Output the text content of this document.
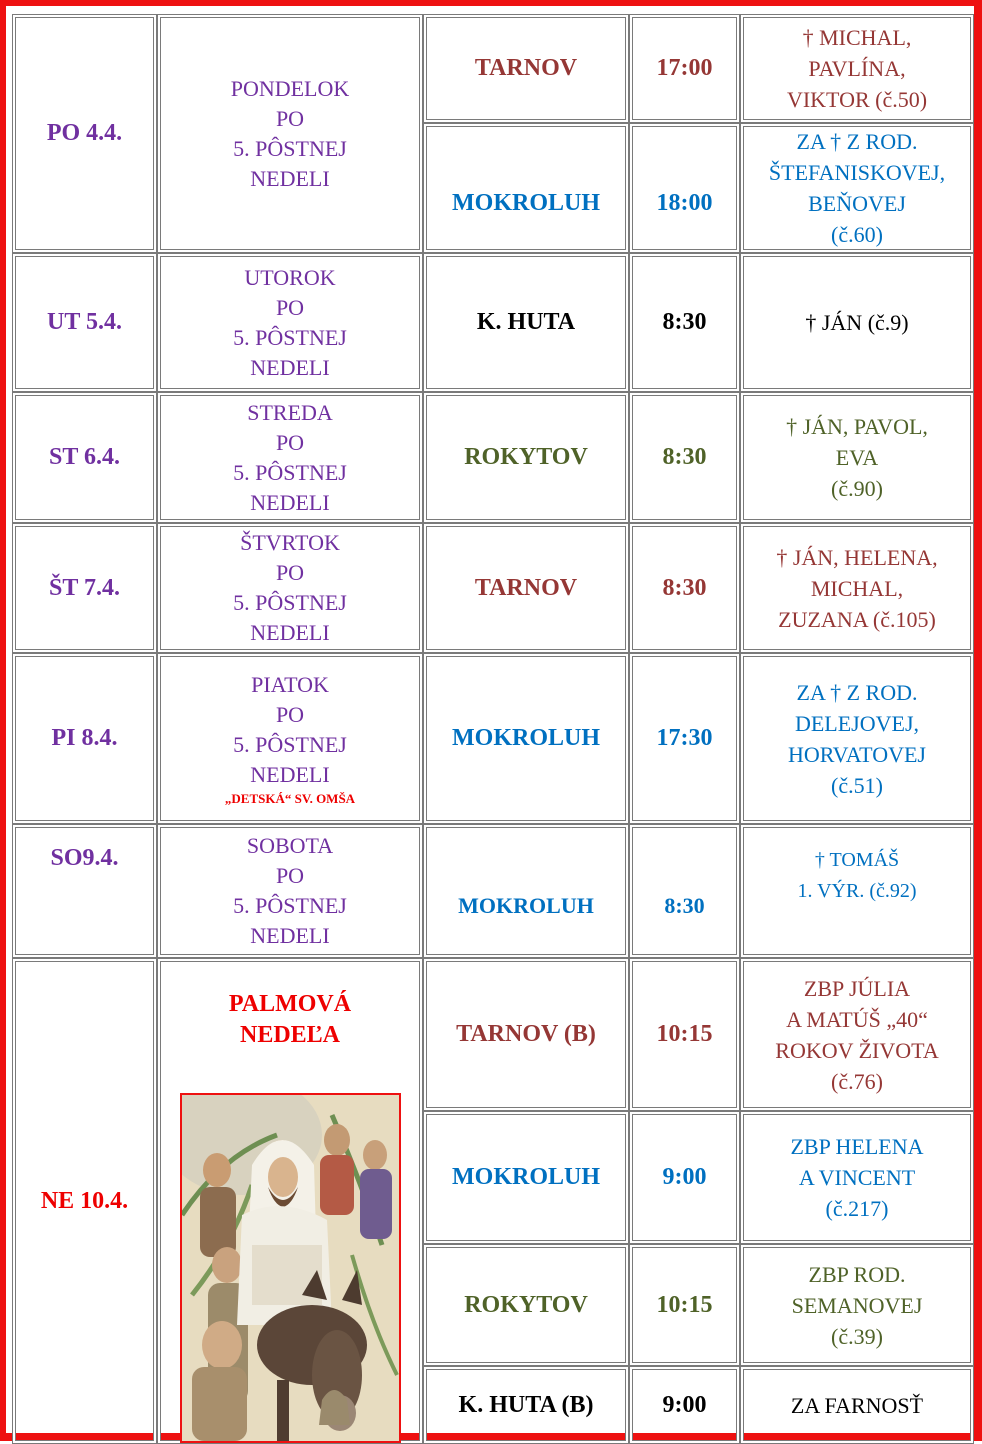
PO 4.4.	PONDELOK
PO
5. PÔSTNEJ
NEDELI	TARNOV	17:00	† MICHAL,
PAVLÍNA,
VIKTOR (č.50)

		MOKROLUH	18:00	ZA † Z ROD.
ŠTEFANISKOVEJ,
BEŇOVEJ
(č.60)

UT 5.4.	UTOROK
PO
5. PÔSTNEJ
NEDELI	K. HUTA	8:30	† JÁN (č.9)

ST 6.4.	STREDA
PO
5. PÔSTNEJ
NEDELI	ROKYTOV	8:30	† JÁN, PAVOL,
EVA
(č.90)

ŠT 7.4.	ŠTVRTOK
PO
5. PÔSTNEJ
NEDELI	TARNOV	8:30	† JÁN, HELENA,
MICHAL,
ZUZANA (č.105)

PI 8.4.	PIATOK
PO
5. PÔSTNEJ
NEDELI
„DETSKÁ“ SV. OMŠA	MOKROLUH	17:30	ZA † Z ROD.
DELEJOVEJ,
HORVATOVEJ
(č.51)

SO9.4.	SOBOTA
PO
5. PÔSTNEJ
NEDELI	MOKROLUH	8:30	† TOMÁŠ
1. VÝR. (č.92)

NE 10.4.	PALMOVÁ
NEDEĽA	TARNOV (B)	10:15	ZBP JÚLIA
A MATÚŠ „40“
ROKOV ŽIVOTA
(č.76)

		MOKROLUH	9:00	ZBP HELENA
A VINCENT
(č.217)

		ROKYTOV	10:15	ZBP ROD.
SEMANOVEJ
(č.39)

		K. HUTA (B)	9:00	ZA FARNOSŤ
